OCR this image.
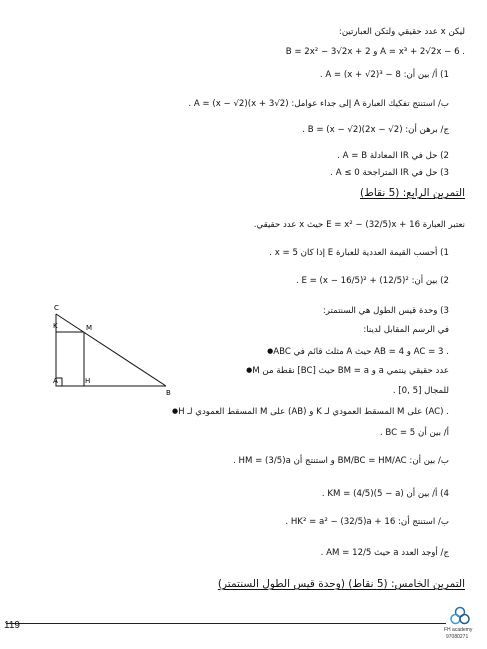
ليكن x عدد حقيقي ولتكن العبارتين:
B = 2x² − 3√2x + 2 و A = x³ + 2√2x − 6 .
1) أ/ بين أن: A = (x + √2)³ − 8 .
ب/ استنتج تفكيك العبارة A إلى جداء عوامل: A = (x − √2)(x + 3√2) .
ج/ برهن أن: B = (x − √2)(2x − √2) .
2) حل في IR المعادلة A = B .
3) حل في IR المتراجحة A ≤ 0 .
التمرين الرابع: (5 نقاط)
نعتبر العبارة E = x² − (32/5)x + 16 حيث x عدد حقيقي.
1) أحسب القيمة العددية للعبارة E إذا كان x = 5 .
2) بين أن: E = (x − 16/5)² + (12/5)² .
3) وحدة قيس الطول هي السنتمتر:
في الرسم المقابل لدينا:
● ABC مثلث قائم في A حيث AB = 4 و AC = 3 .
● M نقطة من [BC] حيث BM = a و a عدد حقيقي ينتمي
للمجال [5 ,0] .
● H المسقط العمودي لـ M على (AB) و K المسقط العمودي لـ M على (AC) .
أ/ بين أن BC = 5 .
ب/ بين أن: BM/BC = HM/AC و استنتج أن HM = (3/5)a .
4) أ/ بين أن KM = (4/5)(5 − a) .
ب/ استنتج أن: HK² = a² − (32/5)a + 16 .
ج/ أوجد العدد a حيث AM = 12/5 .
التمرين الخامس: (5 نقاط) (وحدة قيس الطول السنتمتر)
C
K	M
A	H
B
119	FH academy
97080271
